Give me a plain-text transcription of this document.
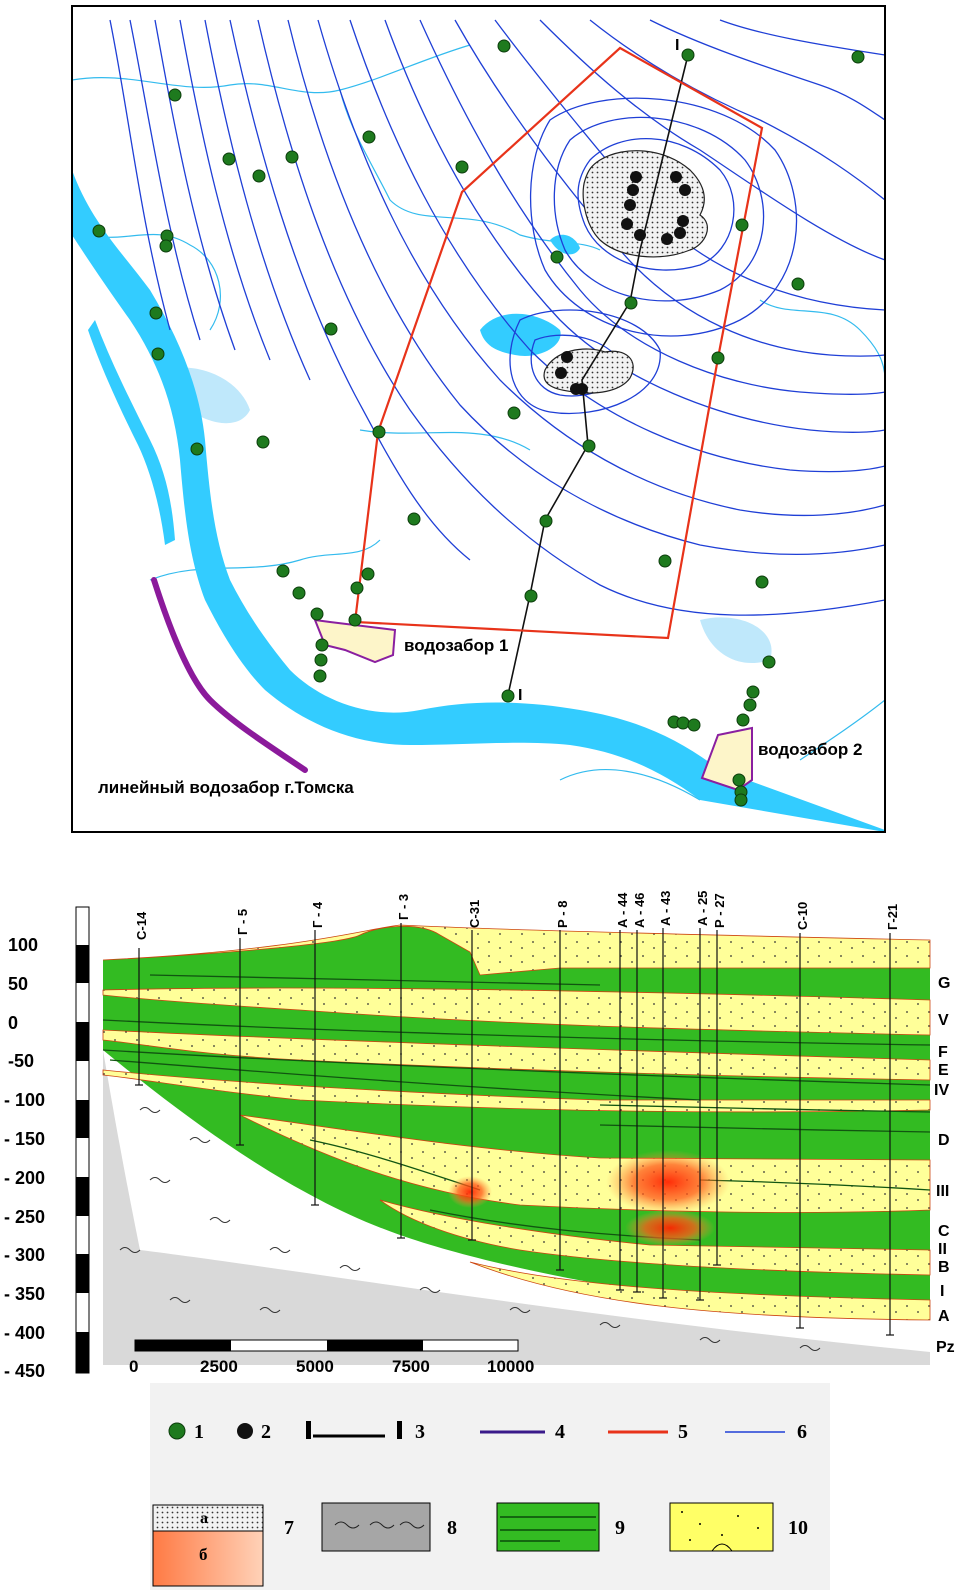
I
I
водозабор 1
водозабор 2
линейный водозабор г.Томска
С-14	Г - 5	Г - 4	Г - 3	С-31	Р - 8	А - 44 А - 46 А - 43 А - 25 Р - 27	С-10	Г-21
100
50
0
-50
- 100
- 150
- 200
- 250
- 300
- 350
- 400
- 450
G
V
F
E
IV
D
III
C
II
B
I
A
Pz
0	2500	5000	7500	10000
1	2	3	4	5	6
а
б
7	8	9	10
